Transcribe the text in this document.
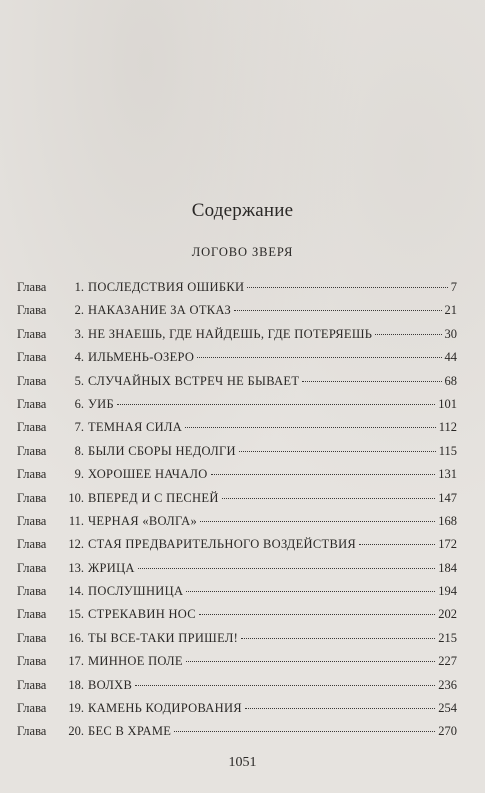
Содержание
ЛОГОВО ЗВЕРЯ
Глава	1. ПОСЛЕДСТВИЯ ОШИБКИ	7
Глава	2. НАКАЗАНИЕ ЗА ОТКАЗ	21
Глава	3. НЕ ЗНАЕШЬ, ГДЕ НАЙДЕШЬ, ГДЕ ПОТЕРЯЕШЬ	30
Глава	4. ИЛЬМЕНЬ-ОЗЕРО	44
Глава	5. СЛУЧАЙНЫХ ВСТРЕЧ НЕ БЫВАЕТ	68
Глава	6. УИБ	101
Глава	7. ТЕМНАЯ СИЛА	112
Глава	8. БЫЛИ СБОРЫ НЕДОЛГИ	115
Глава	9. ХОРОШЕЕ НАЧАЛО	131
Глава	10. ВПЕРЕД И С ПЕСНЕЙ	147
Глава	11. ЧЕРНАЯ «ВОЛГА»	168
Глава	12. СТАЯ ПРЕДВАРИТЕЛЬНОГО ВОЗДЕЙСТВИЯ	172
Глава	13. ЖРИЦА	184
Глава	14. ПОСЛУШНИЦА	194
Глава	15. СТРЕКАВИН НОС	202
Глава	16. ТЫ ВСЕ-ТАКИ ПРИШЕЛ!	215
Глава	17. МИННОЕ ПОЛЕ	227
Глава	18. ВОЛХВ	236
Глава	19. КАМЕНЬ КОДИРОВАНИЯ	254
Глава	20. БЕС В ХРАМЕ	270
1051
